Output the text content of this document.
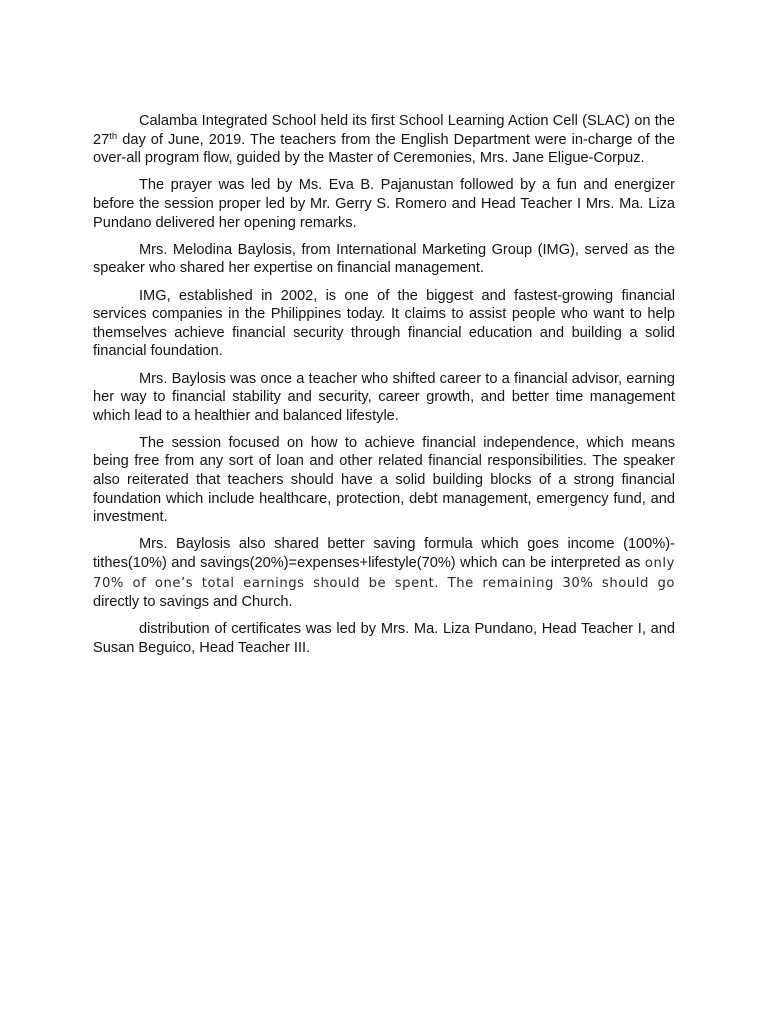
Calamba Integrated School held its first School Learning Action Cell (SLAC) on the 27th day of June, 2019. The teachers from the English Department were in-charge of the over-all program flow, guided by the Master of Ceremonies, Mrs. Jane Eligue-Corpuz.

The prayer was led by Ms. Eva B. Pajanustan followed by a fun and energizer before the session proper led by Mr. Gerry S. Romero and Head Teacher I Mrs. Ma. Liza Pundano delivered her opening remarks.

Mrs. Melodina Baylosis, from International Marketing Group (IMG), served as the speaker who shared her expertise on financial management.

IMG, established in 2002, is one of the biggest and fastest-growing financial services companies in the Philippines today. It claims to assist people who want to help themselves achieve financial security through financial education and building a solid financial foundation.

Mrs. Baylosis was once a teacher who shifted career to a financial advisor, earning her way to financial stability and security, career growth, and better time management which lead to a healthier and balanced lifestyle.

The session focused on how to achieve financial independence, which means being free from any sort of loan and other related financial responsibilities. The speaker also reiterated that teachers should have a solid building blocks of a strong financial foundation which include healthcare, protection, debt management, emergency fund, and investment.

Mrs. Baylosis also shared better saving formula which goes income (100%)-tithes(10%) and savings(20%)=expenses+lifestyle(70%) which can be interpreted as only 70% of one’s total earnings should be spent. The remaining 30% should go directly to savings and Church.

distribution of certificates was led by Mrs. Ma. Liza Pundano, Head Teacher I, and Susan Beguico, Head Teacher III.
